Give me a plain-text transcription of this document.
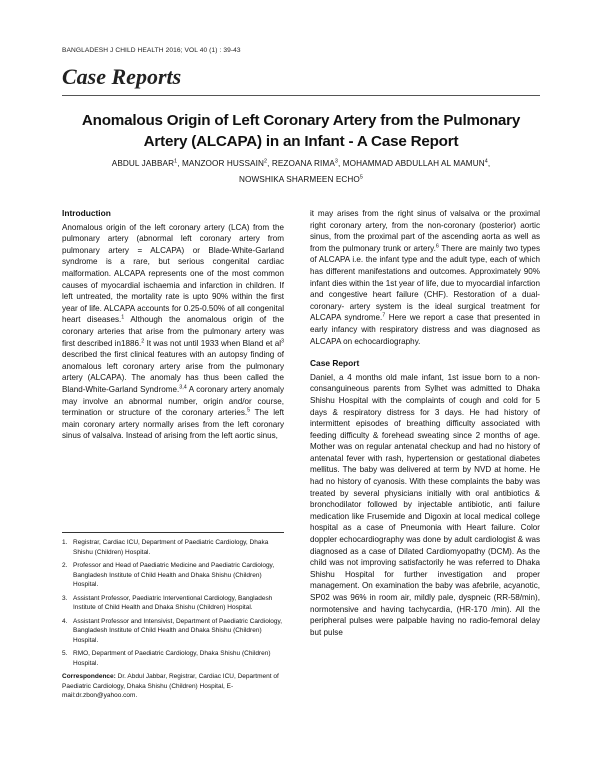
BANGLADESH J CHILD HEALTH 2016; VOL 40 (1) : 39-43
Case Reports
Anomalous Origin of Left Coronary Artery from the Pulmonary
Artery (ALCAPA) in an Infant - A Case Report
ABDUL JABBAR$^1$, MANZOOR HUSSAIN$^2$, REZOANA RIMA$^3$, MOHAMMAD ABDULLAH AL MAMUN$^4$,
NOWSHIKA SHARMEEN ECHO$^5$
Introduction

Anomalous origin of the left coronary artery (LCA) from the pulmonary artery (abnormal left coronary artery from pulmonary artery = ALCAPA) or Blade-White-Garland syndrome is a rare, but serious congenital cardiac malformation. ALCAPA represents one of the most common causes of myocardial ischaemia and infarction in children. If left untreated, the mortality rate is upto 90% within the first year of life. ALCAPA accounts for 0.25-0.50% of all congenital heart diseases.$^1$ Although the anomalous origin of the coronary arteries that arise from the pulmonary artery was first described in1886.$^2$ It was not until 1933 when Bland et $al^3$ described the first clinical features with an autopsy finding of anomalous left coronary artery arise from the pulmonary artery (ALCAPA). The anomaly has thus been called the Bland-White-Garland Syndrome.$^{3,4}$ A coronary artery anomaly may involve an abnormal number, origin and/or course, termination or structure of the coronary arteries.$^5$ The left main coronary artery normally arises from the left coronary sinus of valsalva. Instead of arising from the left aortic sinus,

1. Registrar, Cardiac ICU, Department of Paediatric Cardiology, Dhaka Shishu (Children) Hospital.
2. Professor and Head of Paediatric Medicine and Paediatric Cardiology, Bangladesh Institute of Child Health and Dhaka Shishu (Children) Hospital.
3. Assistant Professor, Paediatric Interventional Cardiology, Bangladesh Institute of Child Health and Dhaka Shishu (Children) Hospital.
4. Assistant Professor and Intensivist, Department of Paediatric Cardiology, Bangladesh Institute of Child Health and Dhaka Shishu (Children) Hospital.
5. RMO, Department of Paediatric Cardiology, Dhaka Shishu (Children) Hospital.
Correspondence: Dr. Abdul Jabbar, Registrar, Cardiac ICU, Department of Paediatric Cardiology, Dhaka Shishu (Children) Hospital, E-mail:dr.zbon@yahoo.com.

it may arises from the right sinus of valsalva or the proximal right coronary artery, from the non-coronary (posterior) aortic sinus, from the proximal part of the ascending aorta as well as from the pulmonary trunk or artery.$^6$ There are mainly two types of ALCAPA i.e. the infant type and the adult type, each of which has different manifestations and outcomes. Approximately 90% infant dies within the 1st year of life, due to myocardial infarction and congestive heart failure (CHF). Restoration of a dual-coronary- artery system is the ideal surgical treatment for ALCAPA syndrome.$^7$ Here we report a case that presented in early infancy with respiratory distress and was diagnosed as ALCAPA on echocardiography.

Case Report

Daniel, a 4 months old male infant, 1st issue born to a non-consanguineous parents from Sylhet was admitted to Dhaka Shishu Hospital with the complaints of cough and cold for 5 days & respiratory distress for 3 days. He had history of intermittent episodes of breathing difficulty associated with feeding difficulty & forehead sweating since 2 months of age. Mother was on regular antenatal checkup and had no history of antenatal fever with rash, hypertension or gestational diabetes mellitus. The baby was delivered at term by NVD at home. He had no history of cyanosis. With these complaints the baby was treated by several physicians initially with oral antibiotics & bronchodilator followed by injectable antibiotic, anti failure medication like Frusemide and Digoxin at local medical college hospital as a case of Pneumonia with Heart failure. Color doppler echocardiography was done by adult cardiologist & was diagnosed as a case of Dilated Cardiomyopathy (DCM). As the child was not improving satisfactorily he was referred to Dhaka Shishu Hospital for further investigation and proper management. On examination the baby was afebrile, acyanotic, SP02 was 96% in room air, mildly pale, dyspneic (RR-58/min), normotensive and having tachycardia, (HR-170 /min). All the peripheral pulses were palpable having no radio-femoral delay but pulse
